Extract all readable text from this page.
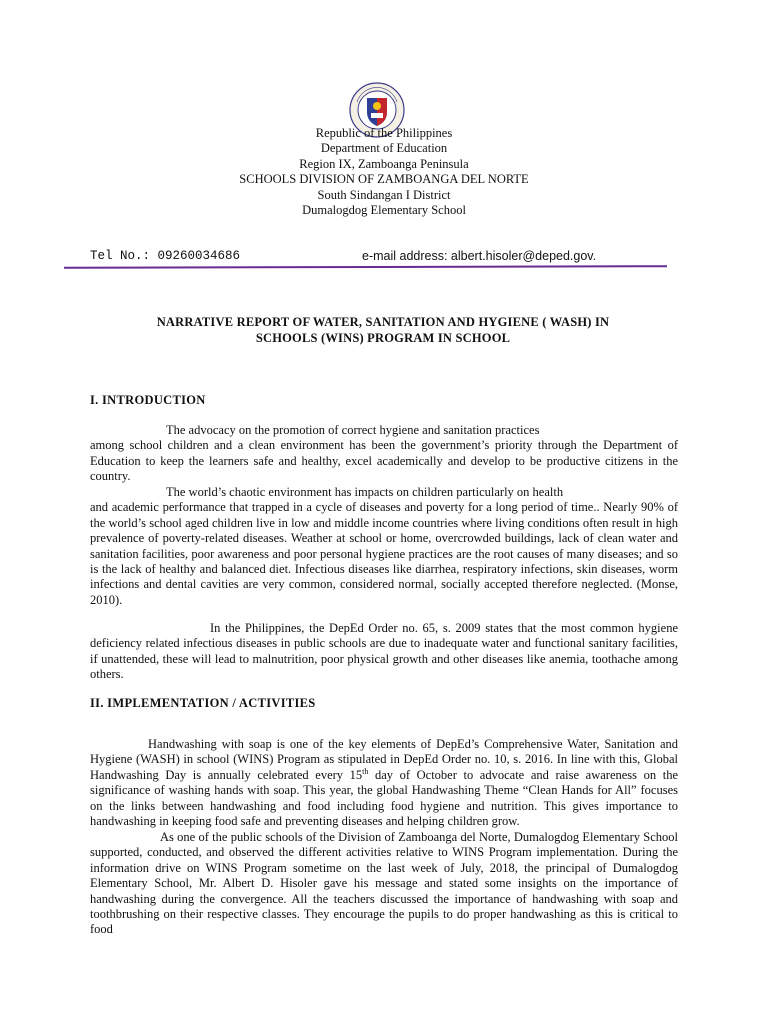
Republic of the Philippines
Department of Education
Region IX, Zamboanga Peninsula
SCHOOLS DIVISION OF ZAMBOANGA DEL NORTE
South Sindangan I District
Dumalogdog Elementary School
Tel No.: 09260034686	e-mail address: albert.hisoler@deped.gov.
NARRATIVE REPORT OF WATER, SANITATION AND HYGIENE ( WASH) IN
SCHOOLS (WINS) PROGRAM IN SCHOOL
I. INTRODUCTION
The advocacy on the promotion of correct hygiene and sanitation practices
among school children and a clean environment has been the government’s priority through the Department of Education to keep the learners safe and healthy, excel academically and develop to be productive citizens in the country.
The world’s chaotic environment has impacts on children particularly on health
and academic performance that trapped in a cycle of diseases and poverty for a long period of time.. Nearly 90% of the world’s school aged children live in low and middle income countries where living conditions often result in high prevalence of poverty-related diseases. Weather at school or home, overcrowded buildings, lack of clean water and sanitation facilities, poor awareness and poor personal hygiene practices are the root causes of many diseases; and so is the lack of healthy and balanced diet. Infectious diseases like diarrhea, respiratory infections, skin diseases, worm infections and dental cavities are very common, considered normal, socially accepted therefore neglected. (Monse, 2010).
In the Philippines, the DepEd Order no. 65, s. 2009 states that the most common hygiene deficiency related infectious diseases in public schools are due to inadequate water and functional sanitary facilities, if unattended, these will lead to malnutrition, poor physical growth and other diseases like anemia, toothache among others.
II. IMPLEMENTATION / ACTIVITIES
Handwashing with soap is one of the key elements of DepEd’s Comprehensive Water, Sanitation and Hygiene (WASH) in school (WINS) Program as stipulated in DepEd Order no. 10, s. 2016. In line with this, Global Handwashing Day is annually celebrated every 15th day of October to advocate and raise awareness on the significance of washing hands with soap. This year, the global Handwashing Theme “Clean Hands for All” focuses on the links between handwashing and food including food hygiene and nutrition. This gives importance to handwashing in keeping food safe and preventing diseases and helping children grow.
As one of the public schools of the Division of Zamboanga del Norte, Dumalogdog Elementary School supported, conducted, and observed the different activities relative to WINS Program implementation. During the information drive on WINS Program sometime on the last week of July, 2018, the principal of Dumalogdog Elementary School, Mr. Albert D. Hisoler gave his message and stated some insights on the importance of handwashing during the convergence. All the teachers discussed the importance of handwashing with soap and toothbrushing on their respective classes. They encourage the pupils to do proper handwashing as this is critical to food
